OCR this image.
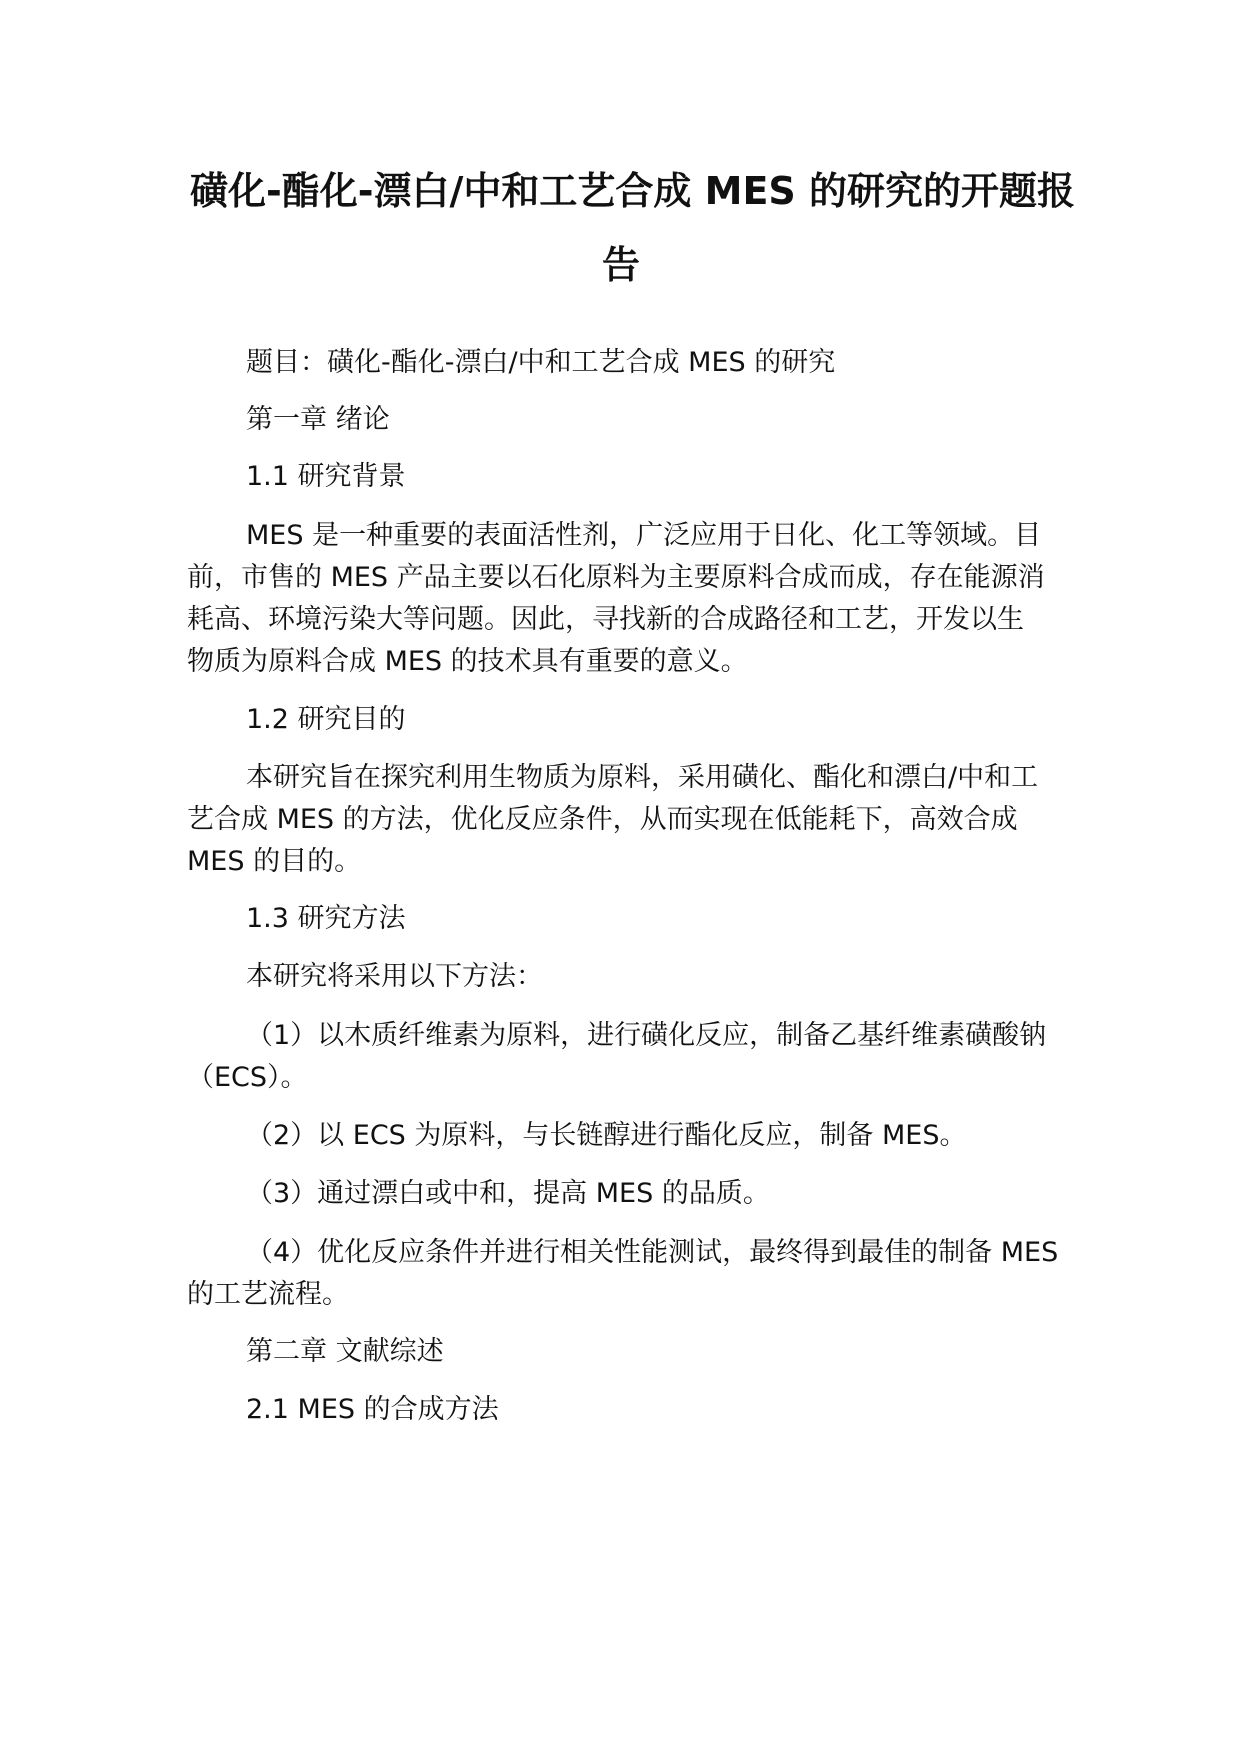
磺化-酯化-漂白/中和工艺合成 MES 的研究的开题报
告
题目：磺化-酯化-漂白/中和工艺合成 MES 的研究
第一章 绪论
1.1 研究背景
MES 是一种重要的表面活性剂，广泛应用于日化、化工等领域。目
前，市售的 MES 产品主要以石化原料为主要原料合成而成，存在能源消
耗高、环境污染大等问题。因此，寻找新的合成路径和工艺，开发以生
物质为原料合成 MES 的技术具有重要的意义。
1.2 研究目的
本研究旨在探究利用生物质为原料，采用磺化、酯化和漂白/中和工
艺合成 MES 的方法，优化反应条件，从而实现在低能耗下，高效合成
MES 的目的。
1.3 研究方法
本研究将采用以下方法：
（1）以木质纤维素为原料，进行磺化反应，制备乙基纤维素磺酸钠
（ECS）。
（2）以 ECS 为原料，与长链醇进行酯化反应，制备 MES。
（3）通过漂白或中和，提高 MES 的品质。
（4）优化反应条件并进行相关性能测试，最终得到最佳的制备 MES
的工艺流程。
第二章 文献综述
2.1 MES 的合成方法
